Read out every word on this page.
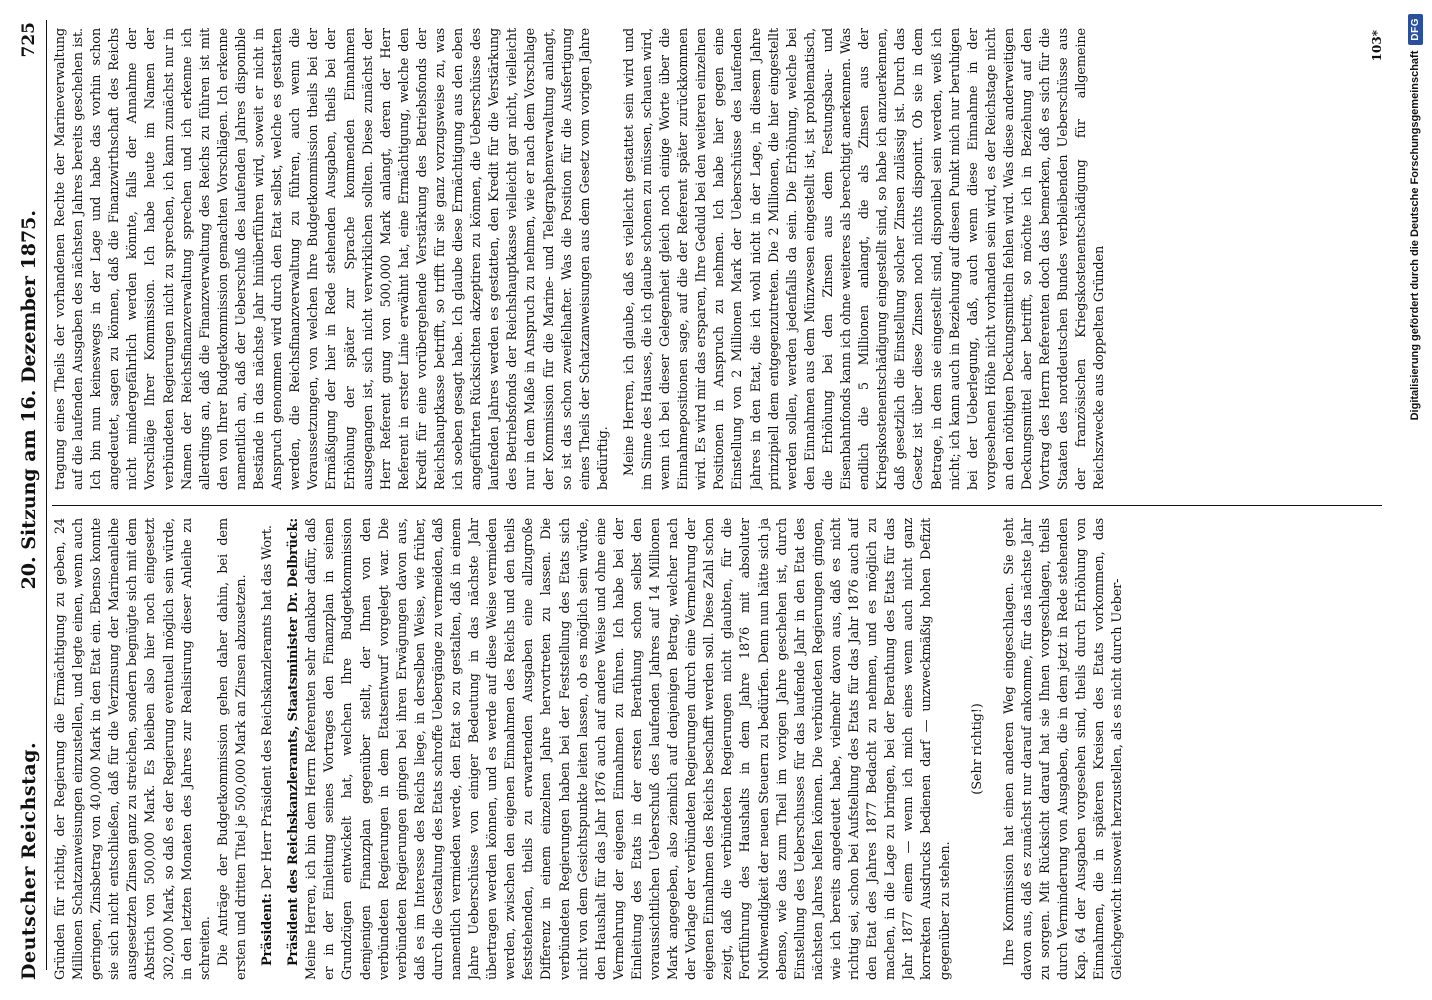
Deutscher Reichstag.
20. Sitzung am 16. Dezember 1875.
725

Gründen für richtig, der Regierung die Ermächtigung zu geben, 24 Millionen Schatzanweisungen einzustellen, und legte einen, wenn auch geringen, Zinsbetrag von 40,000 Mark in den Etat ein. Ebenso konnte sie sich nicht entschließen, daß für die Verzinsung der Marineanleihe ausgesetzten Zinsen ganz zu streichen, sondern begnügte sich mit dem Abstrich von 500,000 Mark. Es bleiben also hier noch eingesetzt 302,000 Mark, so daß es der Regierung eventuell möglich sein würde, in den letzten Monaten des Jahres zur Realisirung dieser Anleihe zu schreiten. Die Anträge der Budgetkommission gehen daher dahin, bei dem ersten und dritten Titel je 500,000 Mark an Zinsen abzusetzen. Präsident: Der Herr Präsident des Reichskanzleramts hat das Wort. Präsident des Reichskanzleramts, Staatsminister Dr. Delbrück: Meine Herren, ich bin dem Herrn Referenten sehr dankbar dafür, daß er in der Einleitung seines Vortrages den Finanzplan in seinen Grundzügen entwickelt hat, welchen Ihre Budgetkommission demjenigen Finanzplan gegenüber stellt, der Ihnen von den verbündeten Regierungen in dem Etatsentwurf vorgelegt war. Die verbündeten Regierungen gingen bei ihren Erwägungen davon aus, daß es im Interesse des Reichs liege, in derselben Weise, wie früher, durch die Gestaltung des Etats schroffe Uebergänge zu vermeiden, daß namentlich vermieden werde, den Etat so zu gestalten, daß in einem Jahre Ueberschüsse von einiger Bedeutung in das nächste Jahr übertragen werden können, und es werde auf diese Weise vermieden werden, zwischen den eigenen Einnahmen des Reichs und den theils feststehenden, theils zu erwartenden Ausgaben eine allzugroße Differenz in einem einzelnen Jahre hervortreten zu lassen. Die verbündeten Regierungen haben bei der Feststellung des Etats sich nicht von dem Gesichtspunkte leiten lassen, ob es möglich sein würde, den Haushalt für das Jahr 1876 auch auf andere Weise und ohne eine Vermehrung der eigenen Einnahmen zu führen. Ich habe bei der Einleitung des Etats in der ersten Berathung schon selbst den voraussichtlichen Ueberschuß des laufenden Jahres auf 14 Millionen Mark angegeben, also ziemlich auf denjenigen Betrag, welcher nach der Vorlage der verbündeten Regierungen durch eine Vermehrung der eigenen Einnahmen des Reichs beschafft werden soll. Diese Zahl schon zeigt, daß die verbündeten Regierungen nicht glaubten, für die Fortführung des Haushalts in dem Jahre 1876 mit absoluter Nothwendigkeit der neuen Steuern zu bedürfen. Denn nun hätte sich ja ebenso, wie das zum Theil im vorigen Jahre geschehen ist, durch Einstellung des Ueberschusses für das laufende Jahr in den Etat des nächsten Jahres helfen können. Die verbündeten Regierungen gingen, wie ich bereits angedeutet habe, vielmehr davon aus, daß es nicht richtig sei, schon bei Aufstellung des Etats für das Jahr 1876 auch auf den Etat des Jahres 1877 Bedacht zu nehmen, und es möglich zu machen, in die Lage zu bringen, bei der Berathung des Etats für das Jahr 1877 einem — wenn ich mich eines wenn auch nicht ganz korrekten Ausdrucks bedienen darf — unzweckmäßig hohen Defizit gegenüber zu stehen.

(Sehr richtig!) Ihre Kommission hat einen anderen Weg eingeschlagen. Sie geht davon aus, daß es zunächst nur darauf ankomme, für das nächste Jahr zu sorgen. Mit Rücksicht darauf hat sie Ihnen vorgeschlagen, theils durch Verminderung von Ausgaben, die in dem jetzt in Rede stehenden Kap. 64 der Ausgaben vorgesehen sind, theils durch Erhöhung von Einnahmen, die in späteren Kreisen des Etats vorkommen, das Gleichgewicht insoweit herzustellen, als es nicht durch Ueber-

tragung eines Theils der vorhandenen Rechte der Marineverwaltung auf die laufenden Ausgaben des nächsten Jahres bereits geschehen ist. Ich bin nun keineswegs in der Lage und habe das vorhin schon angedeutet, sagen zu können, daß die Finanzwirthschaft des Reichs nicht mindergefährlich werden könnte, falls der Annahme der Vorschläge Ihrer Kommission. Ich habe heute im Namen der verbündeten Regierungen nicht zu sprechen, ich kann zunächst nur in Namen der Reichsfinanzverwaltung sprechen und ich erkenne ich allerdings an, daß die Finanzverwaltung des Reichs zu führen ist mit den von Ihrer Budgetkommission gemachten Vorschlägen. Ich erkenne namentlich an, daß der Ueberschuß des laufenden Jahres disponible Bestände in das nächste Jahr hinüberführen wird, soweit er nicht in Anspruch genommen wird durch den Etat selbst, welche es gestatten werden, die Reichsfinanzverwaltung zu führen, auch wenn die Voraussetzungen, von welchen Ihre Budgetkommission theils bei der Ermäßigung der hier in Rede stehenden Ausgaben, theils bei der Erhöhung der später zur Sprache kommenden Einnahmen ausgegangen ist, sich nicht verwirklichen sollten. Diese zunächst der Herr Referent gung von 500,000 Mark anlangt, deren der Herr Referent in erster Linie erwähnt hat, eine Ermächtigung, welche den Kredit für eine vorübergehende Verstärkung des Betriebsfonds der Reichshauptkasse betrifft, so trifft für sie ganz vorzugsweise zu, was ich soeben gesagt habe. Ich glaube diese Ermächtigung aus den eben angeführten Rücksichten akzeptiren zu können, die Ueberschüsse des laufenden Jahres werden es gestatten, den Kredit für die Verstärkung des Betriebsfonds der Reichshauptkasse vielleicht gar nicht, vielleicht nur in dem Maße in Anspruch zu nehmen, wie er nach dem Vorschlage der Kommission für die Marine- und Telegraphenverwaltung anlangt, so ist das schon zweifelhafter. Was die Position für die Ausfertigung eines Theils der Schatzanweisungen aus dem Gesetz vom vorigen Jahre bedürftig. Meine Herren, ich glaube, daß es vielleicht gestattet sein wird und im Sinne des Hauses, die ich glaube schonen zu müssen, schauen wird, wenn ich bei dieser Gelegenheit gleich noch einige Worte über die Einnahmepositionen sage, auf die der Referent später zurückkommen wird. Es wird mir das ersparen, Ihre Geduld bei den weiteren einzelnen Positionen in Anspruch zu nehmen. Ich habe hier gegen eine Einstellung von 2 Millionen Mark der Ueberschüsse des laufenden Jahres in den Etat, die ich wohl nicht in der Lage, in diesem Jahre prinzipiell dem entgegenzutreten. Die 2 Millionen, die hier eingestellt werden sollen, werden jedenfalls da sein. Die Erhöhung, welche bei den Einnahmen aus dem Münzwesen eingestellt ist, ist problematisch, die Erhöhung bei den Zinsen aus dem Festungsbau- und Eisenbahnfonds kann ich ohne weiteres als berechtigt anerkennen. Was endlich die 5 Millionen anlangt, die als Zinsen aus der Kriegskostenentschädigung eingestellt sind, so habe ich anzuerkennen, daß gesetzlich die Einstellung solcher Zinsen zulässig ist. Durch das Gesetz ist über diese Zinsen noch nichts disponirt. Ob sie in dem Betrage, in dem sie eingestellt sind, disponibel sein werden, weiß ich nicht; ich kann auch in Beziehung auf diesen Punkt mich nur beruhigen bei der Ueberlegung, daß, auch wenn diese Einnahme in der vorgesehenen Höhe nicht vorhanden sein wird, es der Reichstage nicht an den nöthigen Deckungsmitteln fehlen wird. Was diese anderweitigen Deckungsmittel aber betrifft, so möchte ich in Beziehung auf den Vortrag des Herrn Referenten doch das bemerken, daß es sich für die Staaten des norddeutschen Bundes verbleibenden Ueberschüsse aus der französischen Kriegskostenentschädigung für allgemeine Reichszwecke aus doppelten Gründen

103*
Digitalisierung gefördert durch die Deutsche Forschungsgemeinschaft
DFG
